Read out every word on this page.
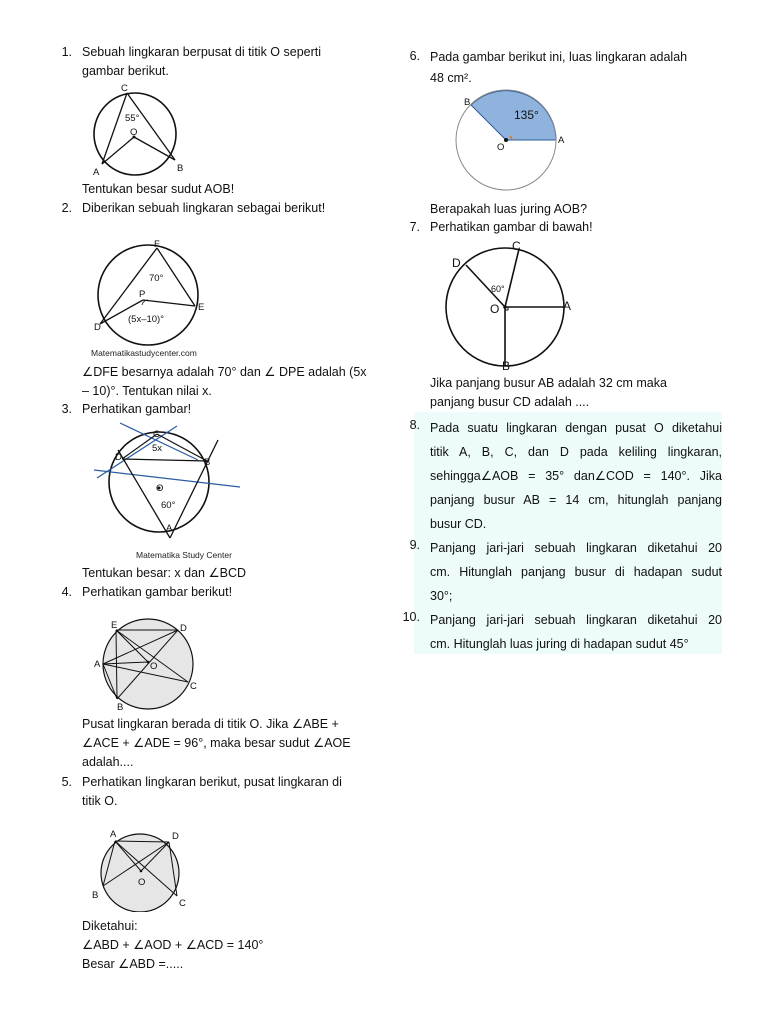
1. Sebuah lingkaran berpusat di titik O seperti

gambar berikut.

C
55°
O
A	B

Tentukan besar sudut AOB!

2. Diberikan sebuah lingkaran sebagai berikut!

F
70°
P
E
(5x–10)°
D
Matematikastudycenter.com

∠DFE besarnya adalah 70° dan ∠ DPE adalah (5x

– 10)°. Tentukan nilai x.

3. Perhatikan gambar!

C
5x
D	B
O
60°
A
Matematika Study Center

Tentukan besar: x dan ∠BCD

4. Perhatikan gambar berikut!

E	D
A	O
C
B

Pusat lingkaran berada di titik O. Jika ∠ABE +

∠ACE + ∠ADE = 96°, maka besar sudut ∠AOE

adalah....

5. Perhatikan lingkaran berikut, pusat lingkaran di

titik O.

A	D
O
B
C

Diketahui:

∠ABD + ∠AOD + ∠ACD = 140°

Besar ∠ABD =.....

6. Pada gambar berikut ini, luas lingkaran adalah

48 cm².

B
135°
A
O

Berapakah luas juring AOB?

7. Perhatikan gambar di bawah!

C
D
60°
O	A
B

Jika panjang busur AB adalah 32 cm maka

panjang busur CD adalah ....

8. Pada suatu lingkaran dengan pusat O diketahui

titik A, B, C, dan D pada keliling lingkaran,

sehingga∠AOB = 35° dan∠COD = 140°. Jika

panjang busur AB = 14 cm, hitunglah panjang

busur CD.

9. Panjang jari-jari sebuah lingkaran diketahui 20

cm. Hitunglah panjang busur di hadapan sudut

30°;

10. Panjang jari-jari sebuah lingkaran diketahui 20

cm. Hitunglah luas juring di hadapan sudut 45°
